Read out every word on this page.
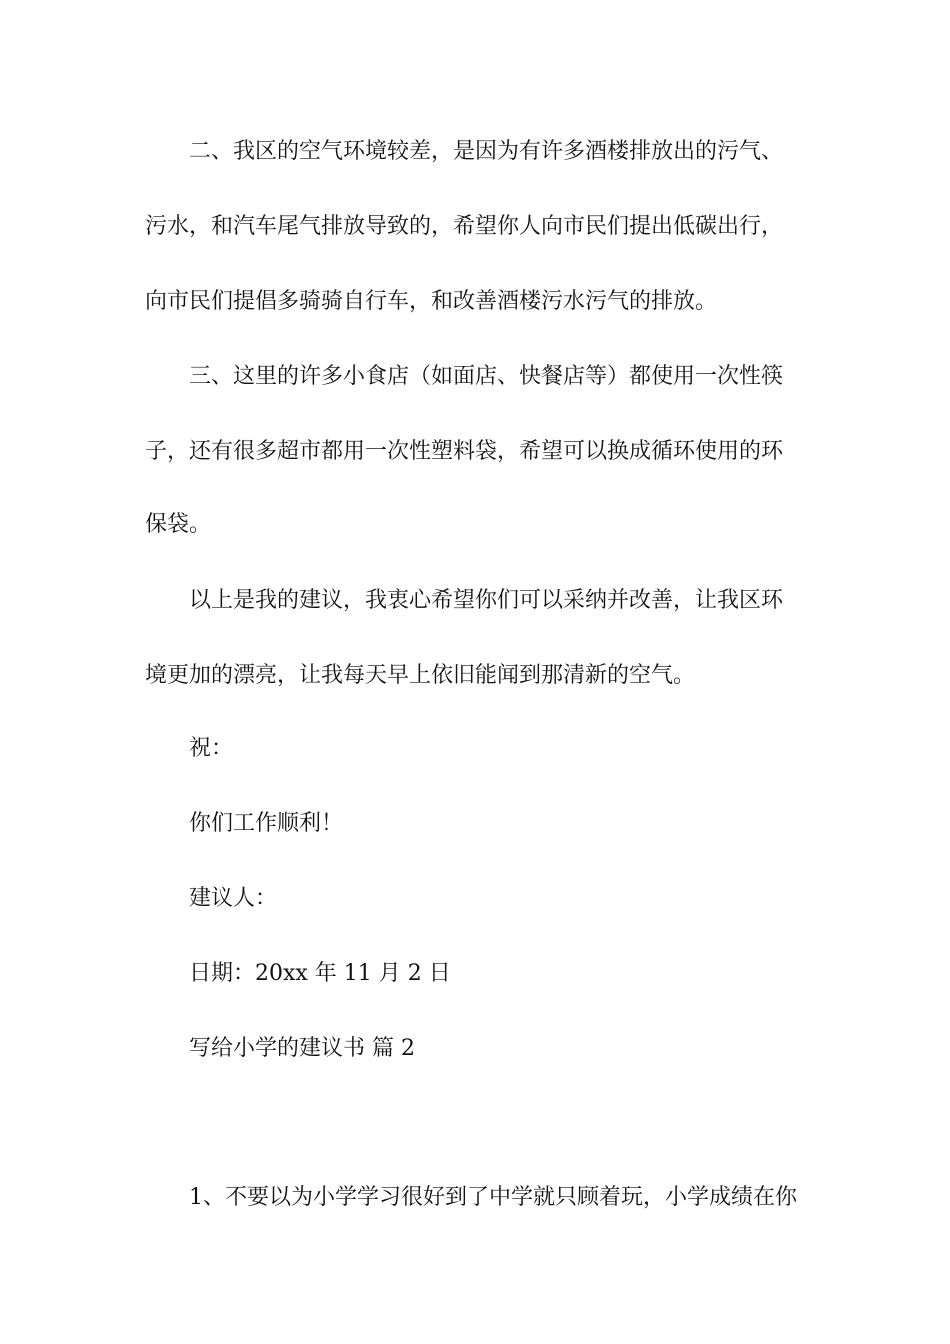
二、我区的空气环境较差，是因为有许多酒楼排放出的污气、
污水，和汽车尾气排放导致的，希望你人向市民们提出低碳出行，
向市民们提倡多骑骑自行车，和改善酒楼污水污气的排放。
三、这里的许多小食店（如面店、快餐店等）都使用一次性筷
子，还有很多超市都用一次性塑料袋，希望可以换成循环使用的环
保袋。
以上是我的建议，我衷心希望你们可以采纳并改善，让我区环
境更加的漂亮，让我每天早上依旧能闻到那清新的空气。
祝：
你们工作顺利！
建议人：
日期：20xx 年 11 月 2 日
写给小学的建议书 篇 2
1、不要以为小学学习很好到了中学就只顾着玩，小学成绩在你
